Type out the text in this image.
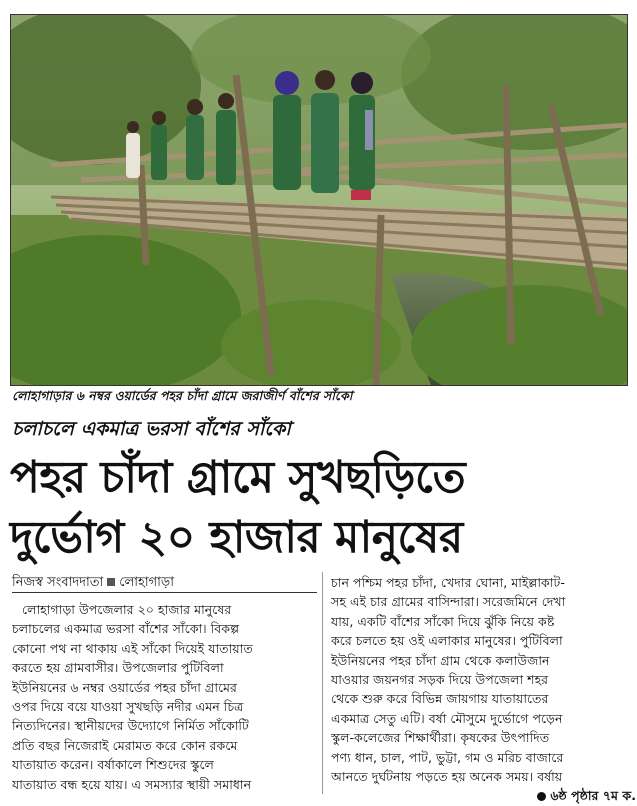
লোহাগাড়ার ৬ নম্বর ওয়ার্ডের পহর চাঁদা গ্রামে জরাজীর্ণ বাঁশের সাঁকো
চলাচলে একমাত্র ভরসা বাঁশের সাঁকো
পহর চাঁদা গ্রামে সুখছড়িতে
দুর্ভোগ ২০ হাজার মানুষের
নিজস্ব সংবাদদাতা লোহাগাড়া
লোহাগাড়া উপজেলার ২০ হাজার মানুষের
চলাচলের একমাত্র ভরসা বাঁশের সাঁকো। বিকল্প
কোনো পথ না থাকায় এই সাঁকো দিয়েই যাতায়াত
করতে হয় গ্রামবাসীর। উপজেলার পুটিবিলা
ইউনিয়নের ৬ নম্বর ওয়ার্ডের পহর চাঁদা গ্রামের
ওপর দিয়ে বয়ে যাওয়া সুখছড়ি নদীর এমন চিত্র
নিত্যদিনের। স্থানীয়দের উদ্যোগে নির্মিত সাঁকোটি
প্রতি বছর নিজেরাই মেরামত করে কোন রকমে
যাতায়াত করেন। বর্ষাকালে শিশুদের স্কুলে
যাতায়াত বন্ধ হয়ে যায়। এ সমস্যার স্থায়ী সমাধান
চান পশ্চিম পহর চাঁদা, খেদার ঘোনা, মাইল্লাকাট-
সহ এই চার গ্রামের বাসিন্দারা। সরেজমিনে দেখা
যায়, একটি বাঁশের সাঁকো দিয়ে ঝুঁকি নিয়ে কষ্ট
করে চলতে হয় ওই এলাকার মানুষের। পুটিবিলা
ইউনিয়নের পহর চাঁদা গ্রাম থেকে কলাউজান
যাওয়ার জয়নগর সড়ক দিয়ে উপজেলা শহর
থেকে শুরু করে বিভিন্ন জায়গায় যাতায়াতের
একমাত্র সেতু এটি। বর্ষা মৌসুমে দুর্ভোগে পড়েন
স্কুল-কলেজের শিক্ষার্থীরা। কৃষকের উৎপাদিত
পণ্য ধান, চাল, পাট, ভুট্টা, গম ও মরিচ বাজারে
আনতে দুর্ঘটনায় পড়তে হয় অনেক সময়। বর্ষায়
৬ষ্ঠ পৃষ্ঠার ৭ম ক.
